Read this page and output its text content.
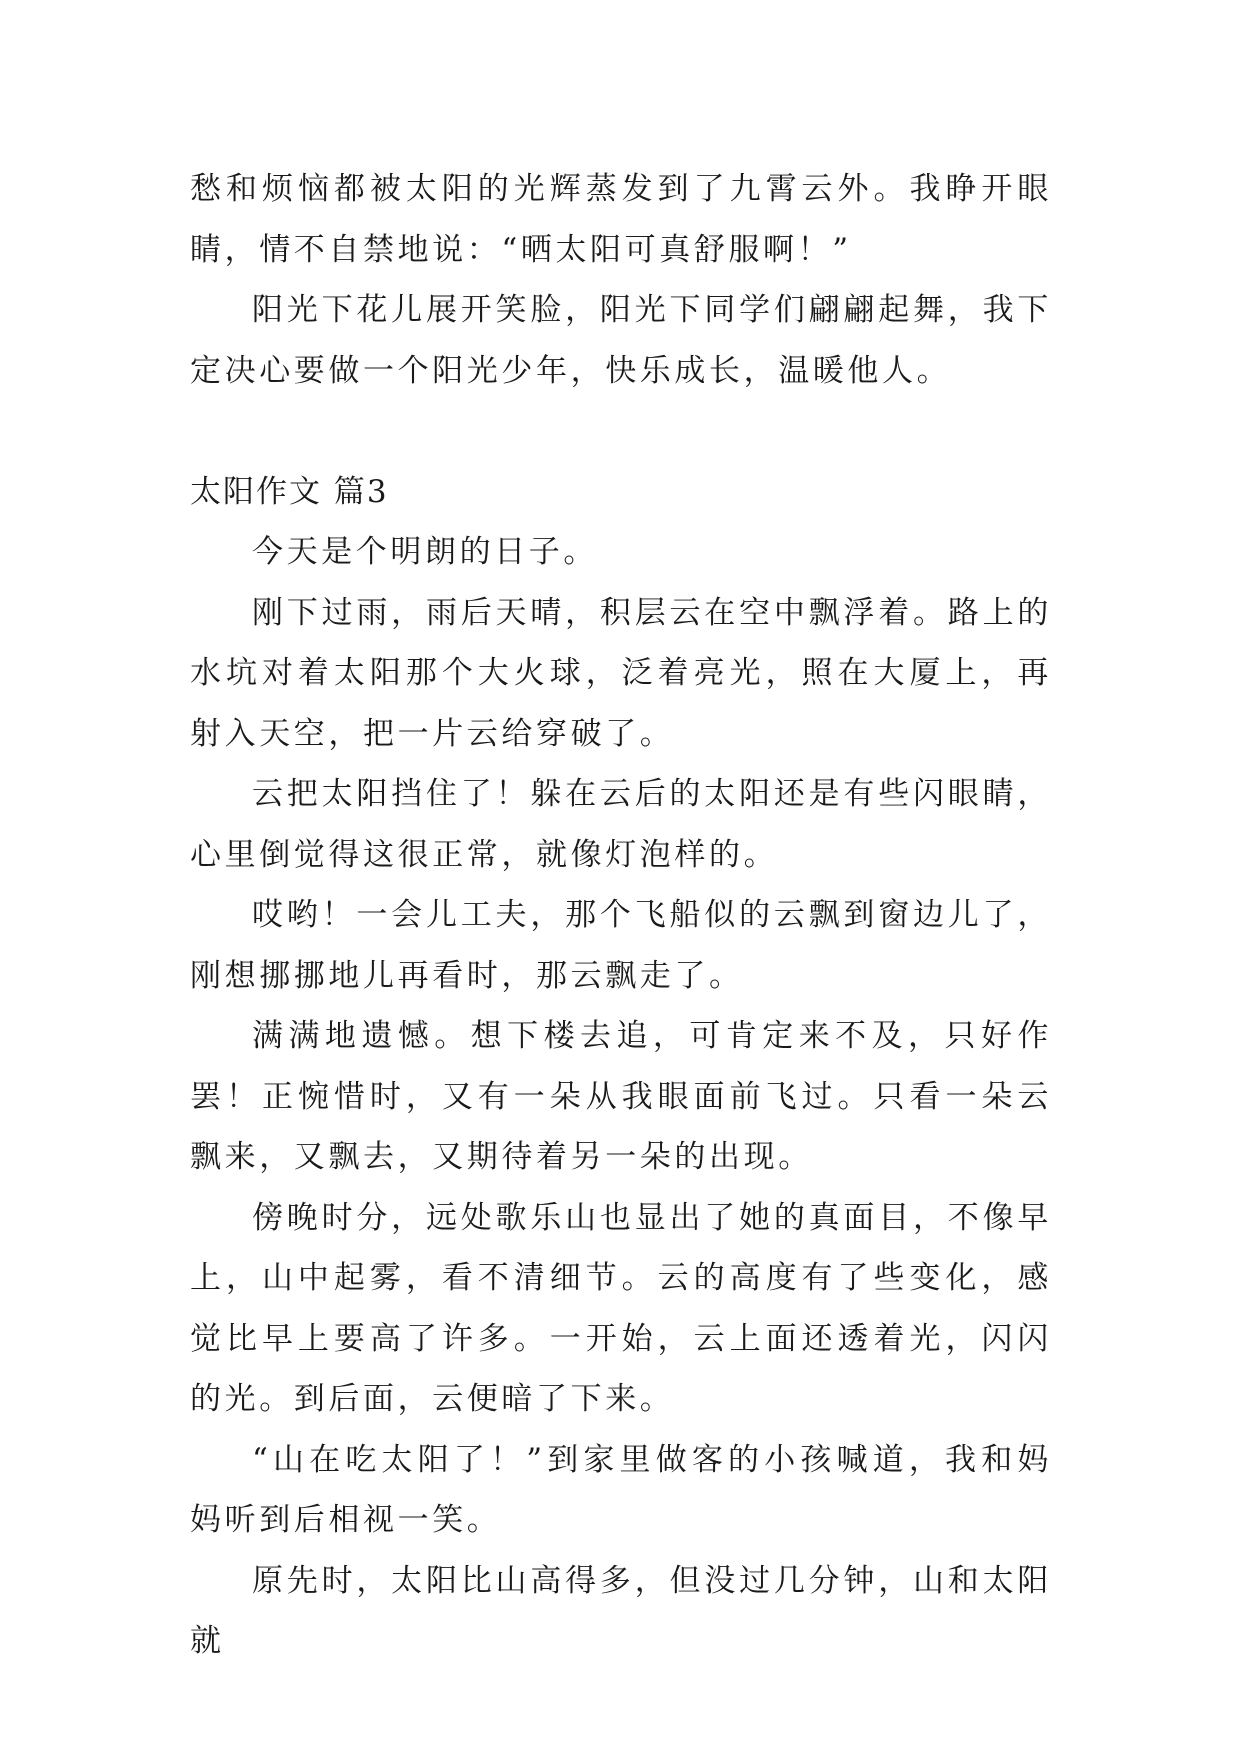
愁和烦恼都被太阳的光辉蒸发到了九霄云外。我睁开眼睛，情不自禁地说：“晒太阳可真舒服啊！”

阳光下花儿展开笑脸，阳光下同学们翩翩起舞，我下定决心要做一个阳光少年，快乐成长，温暖他人。

太阳作文 篇3

今天是个明朗的日子。

刚下过雨，雨后天晴，积层云在空中飘浮着。路上的水坑对着太阳那个大火球，泛着亮光，照在大厦上，再射入天空，把一片云给穿破了。

云把太阳挡住了！躲在云后的太阳还是有些闪眼睛，心里倒觉得这很正常，就像灯泡样的。

哎哟！一会儿工夫，那个飞船似的云飘到窗边儿了，刚想挪挪地儿再看时，那云飘走了。

满满地遗憾。想下楼去追，可肯定来不及，只好作罢！正惋惜时，又有一朵从我眼面前飞过。只看一朵云飘来，又飘去，又期待着另一朵的出现。

傍晚时分，远处歌乐山也显出了她的真面目，不像早上，山中起雾，看不清细节。云的高度有了些变化，感觉比早上要高了许多。一开始，云上面还透着光，闪闪的光。到后面，云便暗了下来。

“山在吃太阳了！”到家里做客的小孩喊道，我和妈妈听到后相视一笑。

原先时，太阳比山高得多，但没过几分钟，山和太阳就
